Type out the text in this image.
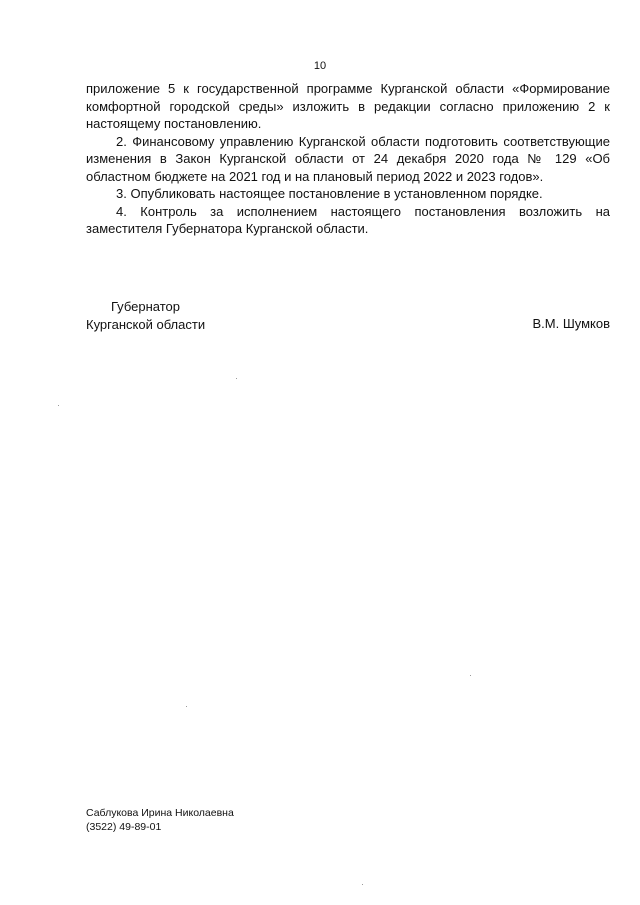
10

приложение 5 к государственной программе Курганской области «Формирование комфортной городской среды» изложить в редакции согласно приложению 2 к настоящему постановлению.

2. Финансовому управлению Курганской области подготовить соответствующие изменения в Закон Курганской области от 24 декабря 2020 года № 129 «Об областном бюджете на 2021 год и на плановый период 2022 и 2023 годов».

3. Опубликовать настоящее постановление в установленном порядке.

4. Контроль за исполнением настоящего постановления возложить на заместителя Губернатора Курганской области.

Губернатор
Курганской области	В.М. Шумков
Саблукова Ирина Николаевна
(3522) 49-89-01
